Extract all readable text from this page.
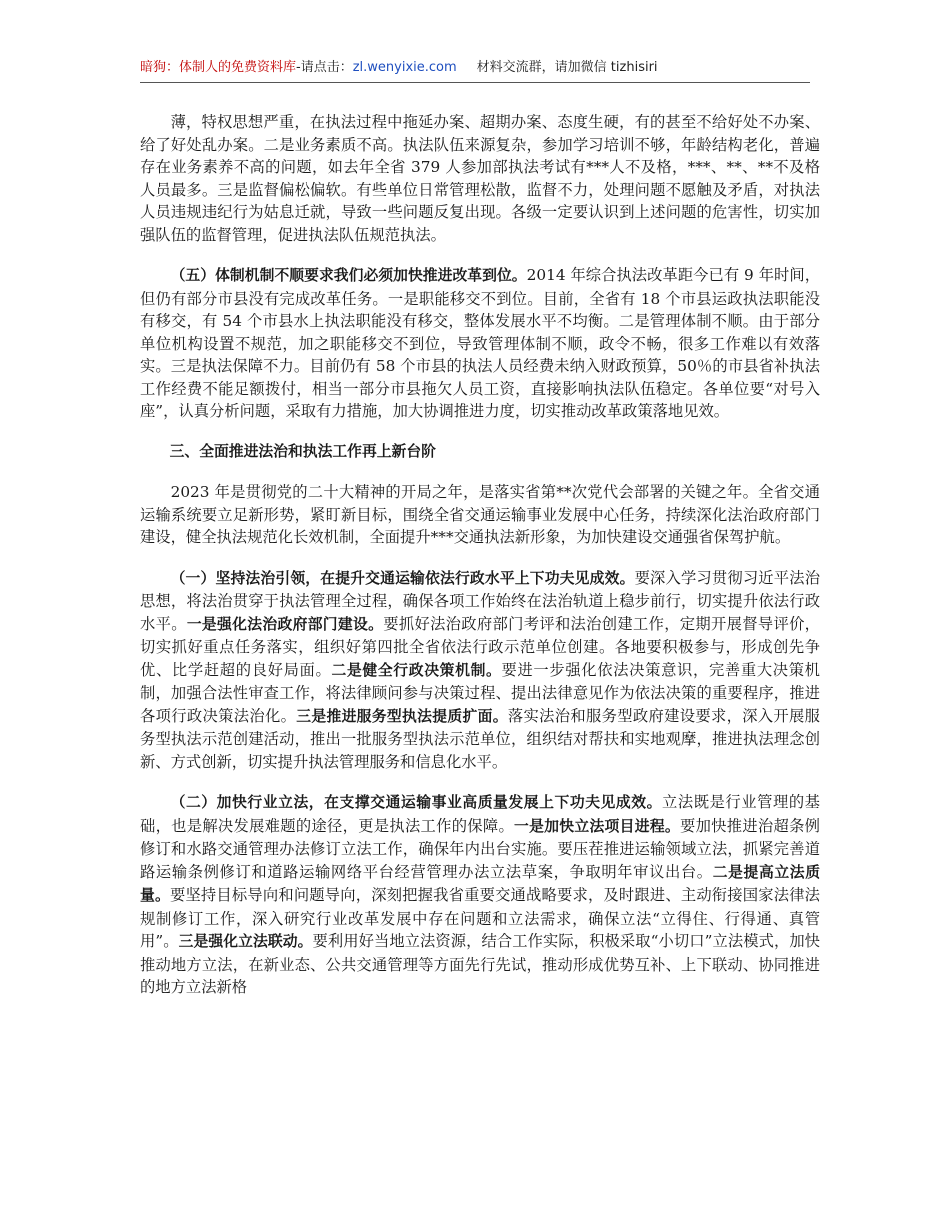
暗狗：体制人的免费资料库-请点击：zl.wenyixie.com 材料交流群，请加微信 tizhisiri

薄，特权思想严重，在执法过程中拖延办案、超期办案、态度生硬，有的甚至不给好处不办案、给了好处乱办案。二是业务素质不高。执法队伍来源复杂，参加学习培训不够，年龄结构老化，普遍存在业务素养不高的问题，如去年全省 379 人参加部执法考试有***人不及格，***、**、**不及格人员最多。三是监督偏松偏软。有些单位日常管理松散，监督不力，处理问题不愿触及矛盾，对执法人员违规违纪行为姑息迁就，导致一些问题反复出现。各级一定要认识到上述问题的危害性，切实加强队伍的监督管理，促进执法队伍规范执法。

（五）体制机制不顺要求我们必须加快推进改革到位。2014 年综合执法改革距今已有 9 年时间，但仍有部分市县没有完成改革任务。一是职能移交不到位。目前，全省有 18 个市县运政执法职能没有移交，有 54 个市县水上执法职能没有移交，整体发展水平不均衡。二是管理体制不顺。由于部分单位机构设置不规范，加之职能移交不到位，导致管理体制不顺，政令不畅，很多工作难以有效落实。三是执法保障不力。目前仍有 58 个市县的执法人员经费未纳入财政预算，50％的市县省补执法工作经费不能足额拨付，相当一部分市县拖欠人员工资，直接影响执法队伍稳定。各单位要“对号入座”，认真分析问题，采取有力措施，加大协调推进力度，切实推动改革政策落地见效。

三、全面推进法治和执法工作再上新台阶

2023 年是贯彻党的二十大精神的开局之年，是落实省第**次党代会部署的关键之年。全省交通运输系统要立足新形势，紧盯新目标，围绕全省交通运输事业发展中心任务，持续深化法治政府部门建设，健全执法规范化长效机制，全面提升***交通执法新形象，为加快建设交通强省保驾护航。

（一）坚持法治引领，在提升交通运输依法行政水平上下功夫见成效。要深入学习贯彻习近平法治思想，将法治贯穿于执法管理全过程，确保各项工作始终在法治轨道上稳步前行，切实提升依法行政水平。一是强化法治政府部门建设。要抓好法治政府部门考评和法治创建工作，定期开展督导评价，切实抓好重点任务落实，组织好第四批全省依法行政示范单位创建。各地要积极参与，形成创先争优、比学赶超的良好局面。二是健全行政决策机制。要进一步强化依法决策意识，完善重大决策机制，加强合法性审查工作，将法律顾问参与决策过程、提出法律意见作为依法决策的重要程序，推进各项行政决策法治化。三是推进服务型执法提质扩面。落实法治和服务型政府建设要求，深入开展服务型执法示范创建活动，推出一批服务型执法示范单位，组织结对帮扶和实地观摩，推进执法理念创新、方式创新，切实提升执法管理服务和信息化水平。

（二）加快行业立法，在支撑交通运输事业高质量发展上下功夫见成效。立法既是行业管理的基础，也是解决发展难题的途径，更是执法工作的保障。一是加快立法项目进程。要加快推进治超条例修订和水路交通管理办法修订立法工作，确保年内出台实施。要压茬推进运输领域立法，抓紧完善道路运输条例修订和道路运输网络平台经营管理办法立法草案，争取明年审议出台。二是提高立法质量。要坚持目标导向和问题导向，深刻把握我省重要交通战略要求，及时跟进、主动衔接国家法律法规制修订工作，深入研究行业改革发展中存在问题和立法需求，确保立法“立得住、行得通、真管用”。三是强化立法联动。要利用好当地立法资源，结合工作实际，积极采取“小切口”立法模式，加快推动地方立法，在新业态、公共交通管理等方面先行先试，推动形成优势互补、上下联动、协同推进的地方立法新格
